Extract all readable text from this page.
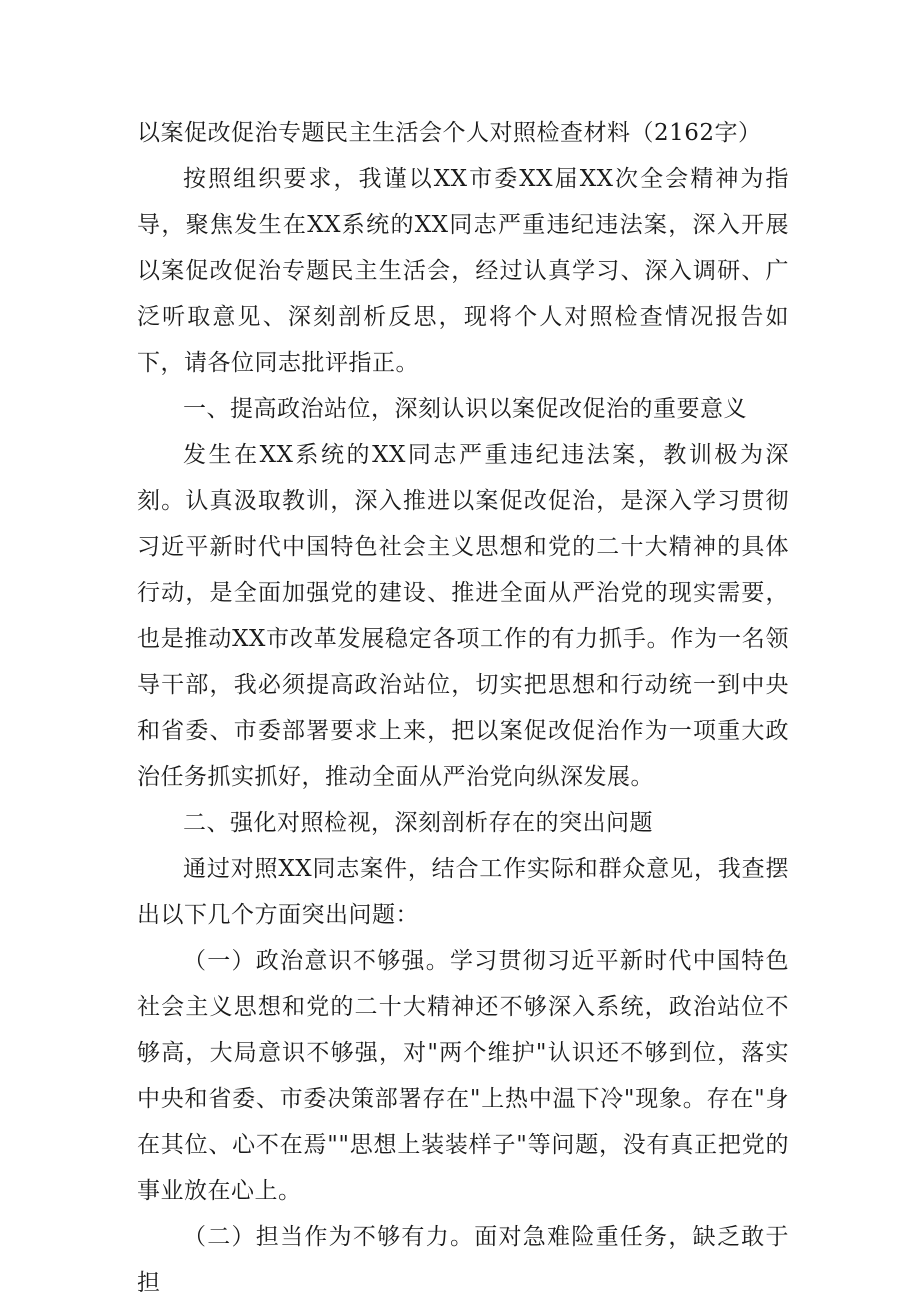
以案促改促治专题民主生活会个人对照检查材料（2162字）

按照组织要求，我谨以XX市委XX届XX次全会精神为指导，聚焦发生在XX系统的XX同志严重违纪违法案，深入开展以案促改促治专题民主生活会，经过认真学习、深入调研、广泛听取意见、深刻剖析反思，现将个人对照检查情况报告如下，请各位同志批评指正。

一、提高政治站位，深刻认识以案促改促治的重要意义

发生在XX系统的XX同志严重违纪违法案，教训极为深刻。认真汲取教训，深入推进以案促改促治，是深入学习贯彻习近平新时代中国特色社会主义思想和党的二十大精神的具体行动，是全面加强党的建设、推进全面从严治党的现实需要，也是推动XX市改革发展稳定各项工作的有力抓手。作为一名领导干部，我必须提高政治站位，切实把思想和行动统一到中央和省委、市委部署要求上来，把以案促改促治作为一项重大政治任务抓实抓好，推动全面从严治党向纵深发展。

二、强化对照检视，深刻剖析存在的突出问题

通过对照XX同志案件，结合工作实际和群众意见，我查摆出以下几个方面突出问题：

（一）政治意识不够强。学习贯彻习近平新时代中国特色社会主义思想和党的二十大精神还不够深入系统，政治站位不够高，大局意识不够强，对"两个维护"认识还不够到位，落实中央和省委、市委决策部署存在"上热中温下冷"现象。存在"身在其位、心不在焉""思想上装装样子"等问题，没有真正把党的事业放在心上。

（二）担当作为不够有力。面对急难险重任务，缺乏敢于担
